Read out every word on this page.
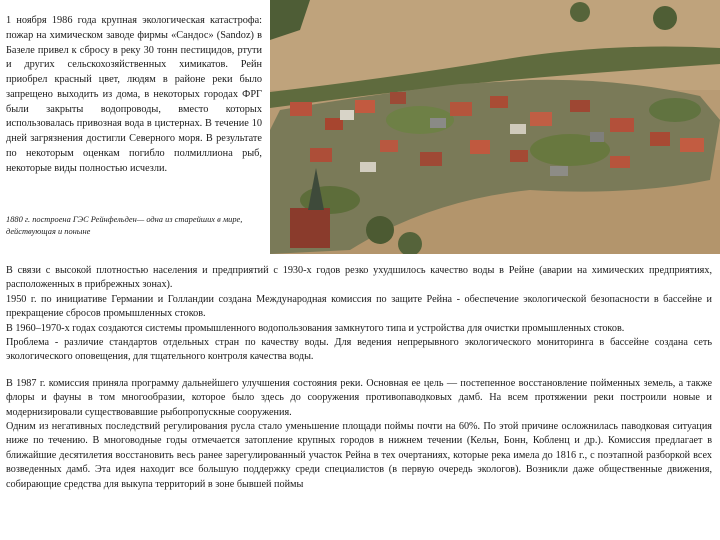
1 ноября 1986 года крупная экологическая катастрофа: пожар на химическом заводе фирмы «Сандос» (Sandoz) в Базеле привел к сбросу в реку 30 тонн пестицидов, ртути и других сельскохозяйственных химикатов. Рейн приобрел красный цвет, людям в районе реки было запрещено выходить из дома, в некоторых городах ФРГ были закрыты водопроводы, вместо которых использовалась привозная вода в цистернах. В течение 10 дней загрязнения достигли Северного моря. В результате по некоторым оценкам погибло полмиллиона рыб, некоторые виды полностью исчезли.

1880 г. построена ГЭС Рейнфельден— одна из старейших в мире, действующая и поныне

В связи с высокой плотностью населения и предприятий с 1930-х годов резко ухудшилось качество воды в Рейне (аварии на химических предприятиях, расположенных в прибрежных зонах).

1950 г. по инициативе Германии и Голландии создана Международная комиссия по защите Рейна - обеспечение экологической безопасности в бассейне и прекращение сбросов промышленных стоков.

В 1960–1970-х годах создаются системы промышленного водопользования замкнутого типа и устройства для очистки промышленных стоков.

Проблема - различие стандартов отдельных стран по качеству воды. Для ведения непрерывного экологического мониторинга в бассейне создана сеть экологического оповещения, для тщательного контроля качества воды.

В 1987 г. комиссия приняла программу дальнейшего улучшения состояния реки. Основная ее цель — постепенное восстановление пойменных земель, а также флоры и фауны в том многообразии, которое было здесь до сооружения противопаводковых дамб. На всем протяжении реки построили новые и модернизировали существовавшие рыбопропускные сооружения.

Одним из негативных последствий регулирования русла стало уменьшение площади поймы почти на 60%. По этой причине осложнилась паводковая ситуация ниже по течению. В многоводные годы отмечается затопление крупных городов в нижнем течении (Кельн, Бонн, Кобленц и др.). Комиссия предлагает в ближайшие десятилетия восстановить весь ранее зарегулированный участок Рейна в тех очертаниях, которые река имела до 1816 г., с поэтапной разборкой всех возведенных дамб. Эта идея находит все большую поддержку среди специалистов (в первую очередь экологов). Возникли даже общественные движения, собирающие средства для выкупа территорий в зоне бывшей поймы
